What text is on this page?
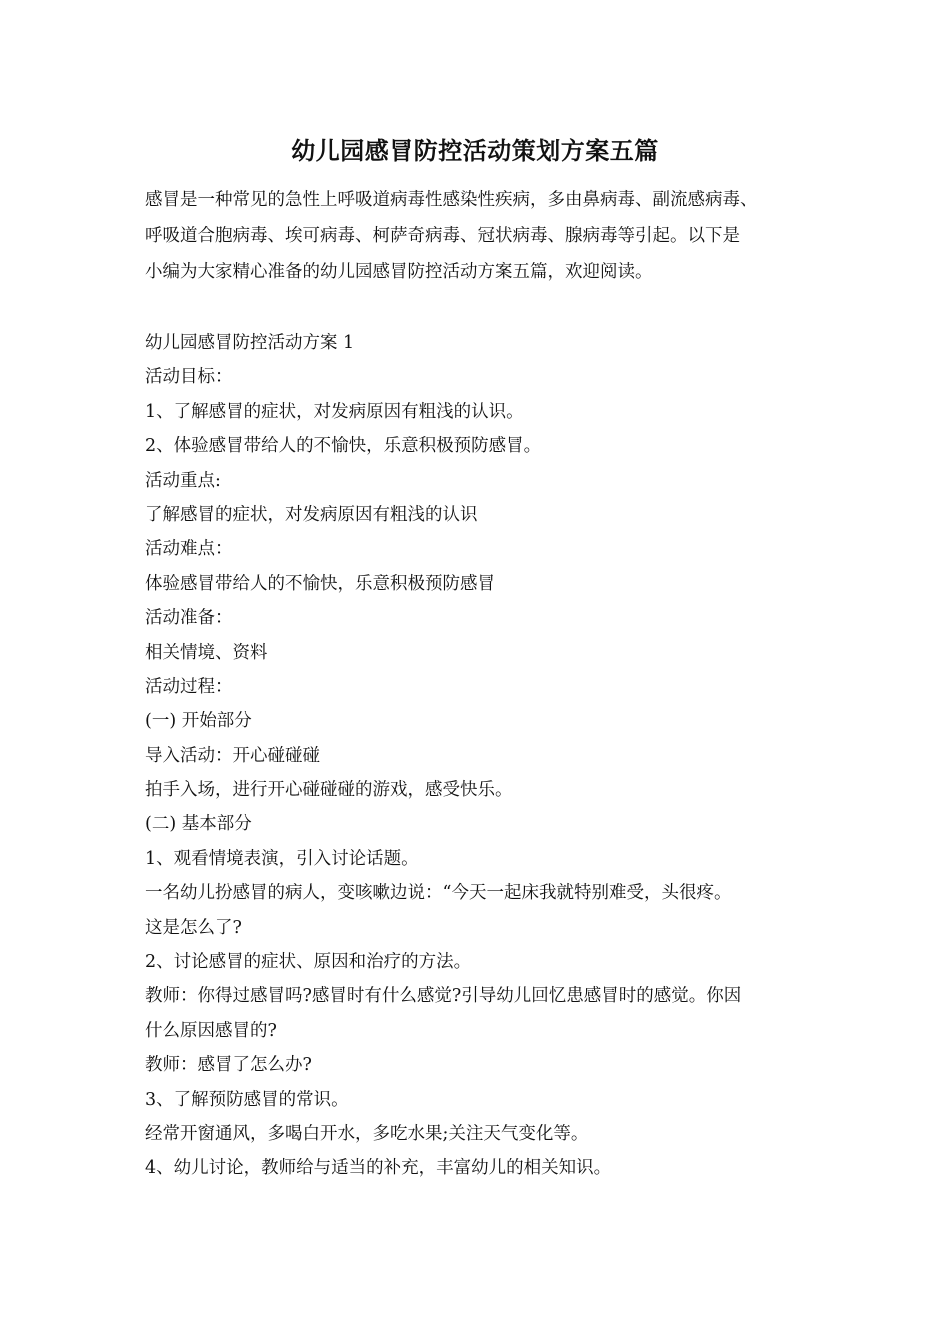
幼儿园感冒防控活动策划方案五篇
感冒是一种常见的急性上呼吸道病毒性感染性疾病，多由鼻病毒、副流感病毒、
呼吸道合胞病毒、埃可病毒、柯萨奇病毒、冠状病毒、腺病毒等引起。以下是
小编为大家精心准备的幼儿园感冒防控活动方案五篇，欢迎阅读。
幼儿园感冒防控活动方案 1
活动目标：
1、了解感冒的症状，对发病原因有粗浅的认识。
2、体验感冒带给人的不愉快，乐意积极预防感冒。
活动重点:
了解感冒的症状，对发病原因有粗浅的认识
活动难点：
体验感冒带给人的不愉快，乐意积极预防感冒
活动准备：
相关情境、资料
活动过程：
(一) 开始部分
导入活动：开心碰碰碰
拍手入场，进行开心碰碰碰的游戏，感受快乐。
(二) 基本部分
1、观看情境表演，引入讨论话题。
一名幼儿扮感冒的病人，变咳嗽边说：“今天一起床我就特别难受，头很疼。
这是怎么了?
2、讨论感冒的症状、原因和治疗的方法。
教师：你得过感冒吗?感冒时有什么感觉?引导幼儿回忆患感冒时的感觉。你因
什么原因感冒的?
教师：感冒了怎么办?
3、了解预防感冒的常识。
经常开窗通风，多喝白开水，多吃水果;关注天气变化等。
4、幼儿讨论，教师给与适当的补充，丰富幼儿的相关知识。
